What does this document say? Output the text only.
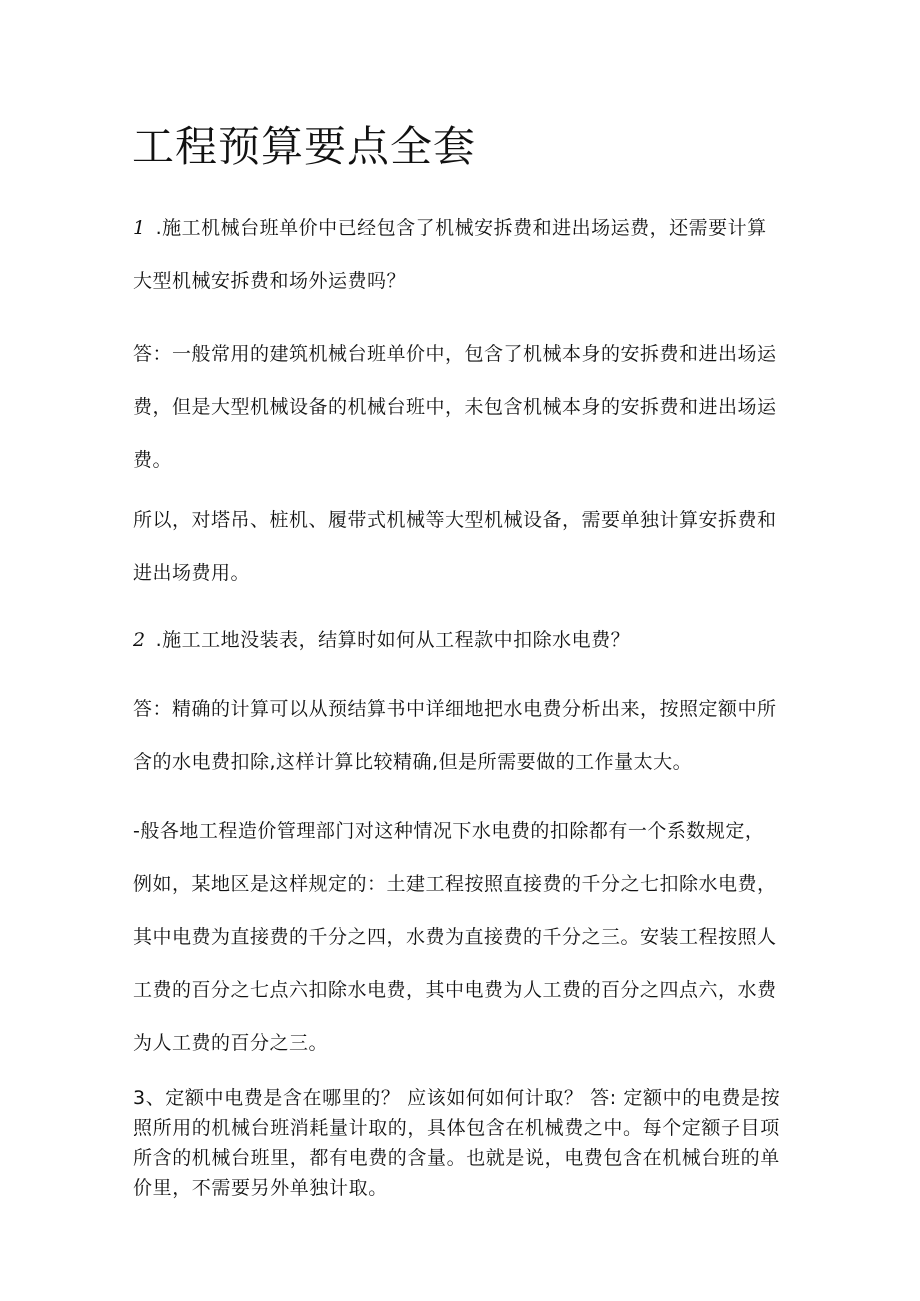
工程预算要点全套
1 .施工机械台班单价中已经包含了机械安拆费和进出场运费，还需要计算
大型机械安拆费和场外运费吗？
答：一般常用的建筑机械台班单价中，包含了机械本身的安拆费和进出场运
费，但是大型机械设备的机械台班中，未包含机械本身的安拆费和进出场运
费。
所以，对塔吊、桩机、履带式机械等大型机械设备，需要单独计算安拆费和
进出场费用。
2 .施工工地没装表，结算时如何从工程款中扣除水电费？
答：精确的计算可以从预结算书中详细地把水电费分析出来，按照定额中所
含的水电费扣除,这样计算比较精确,但是所需要做的工作量太大。
-般各地工程造价管理部门对这种情况下水电费的扣除都有一个系数规定，
例如，某地区是这样规定的：土建工程按照直接费的千分之七扣除水电费，
其中电费为直接费的千分之四，水费为直接费的千分之三。安装工程按照人
工费的百分之七点六扣除水电费，其中电费为人工费的百分之四点六，水费
为人工费的百分之三。
3、定额中电费是含在哪里的？ 应该如何如何计取？ 答: 定额中的电费是按
照所用的机械台班消耗量计取的，具体包含在机械费之中。每个定额子目项
所含的机械台班里，都有电费的含量。也就是说，电费包含在机械台班的单
价里，不需要另外单独计取。
